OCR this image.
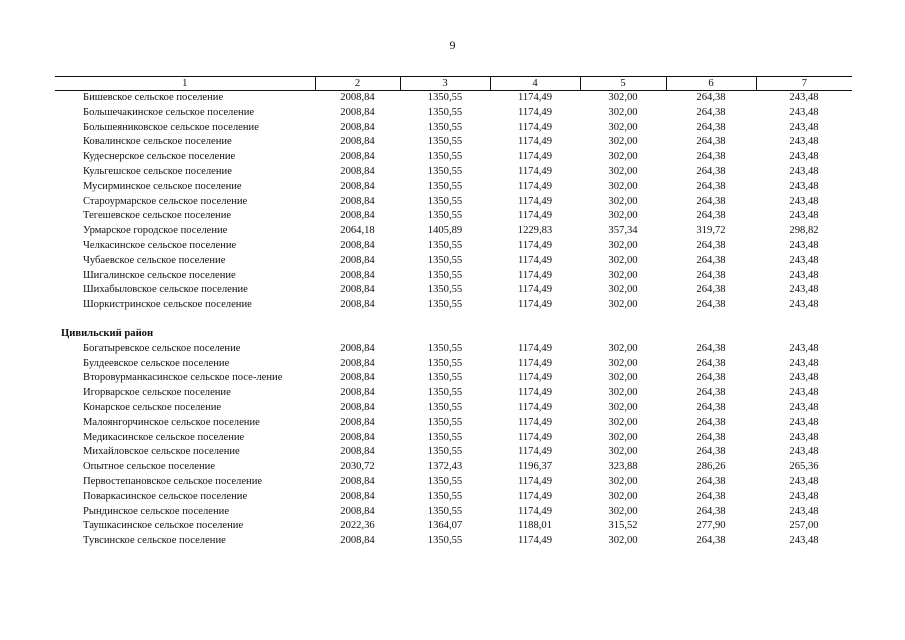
9
1	2	3	4	5	6	7
Бишевское сельское поселение	2008,84	1350,55	1174,49	302,00	264,38	243,48
Большечакинское сельское поселение	2008,84	1350,55	1174,49	302,00	264,38	243,48
Большеяниковское сельское поселение	2008,84	1350,55	1174,49	302,00	264,38	243,48
Ковалинское сельское поселение	2008,84	1350,55	1174,49	302,00	264,38	243,48
Кудеснерское сельское поселение	2008,84	1350,55	1174,49	302,00	264,38	243,48
Кульгешское сельское поселение	2008,84	1350,55	1174,49	302,00	264,38	243,48
Мусирминское сельское поселение	2008,84	1350,55	1174,49	302,00	264,38	243,48
Староурмарское сельское поселение	2008,84	1350,55	1174,49	302,00	264,38	243,48
Тегешевское сельское поселение	2008,84	1350,55	1174,49	302,00	264,38	243,48
Урмарское городское поселение	2064,18	1405,89	1229,83	357,34	319,72	298,82
Челкасинское сельское поселение	2008,84	1350,55	1174,49	302,00	264,38	243,48
Чубаевское сельское поселение	2008,84	1350,55	1174,49	302,00	264,38	243,48
Шигалинское сельское поселение	2008,84	1350,55	1174,49	302,00	264,38	243,48
Шихабыловское сельское поселение	2008,84	1350,55	1174,49	302,00	264,38	243,48
Шоркистринское сельское поселение	2008,84	1350,55	1174,49	302,00	264,38	243,48
Цивильский район						
Богатыревское сельское поселение	2008,84	1350,55	1174,49	302,00	264,38	243,48
Булдеевское сельское поселение	2008,84	1350,55	1174,49	302,00	264,38	243,48
Второвурманкасинское сельское посе-ление	2008,84	1350,55	1174,49	302,00	264,38	243,48
Игорварское сельское поселение	2008,84	1350,55	1174,49	302,00	264,38	243,48
Конарское сельское поселение	2008,84	1350,55	1174,49	302,00	264,38	243,48
Малоянгорчинское сельское поселение	2008,84	1350,55	1174,49	302,00	264,38	243,48
Медикасинское сельское поселение	2008,84	1350,55	1174,49	302,00	264,38	243,48
Михайловское сельское поселение	2008,84	1350,55	1174,49	302,00	264,38	243,48
Опытное сельское поселение	2030,72	1372,43	1196,37	323,88	286,26	265,36
Первостепановское сельское поселение	2008,84	1350,55	1174,49	302,00	264,38	243,48
Поваркасинское сельское поселение	2008,84	1350,55	1174,49	302,00	264,38	243,48
Рындинское сельское поселение	2008,84	1350,55	1174,49	302,00	264,38	243,48
Таушкасинское сельское поселение	2022,36	1364,07	1188,01	315,52	277,90	257,00
Тувсинское сельское поселение	2008,84	1350,55	1174,49	302,00	264,38	243,48
